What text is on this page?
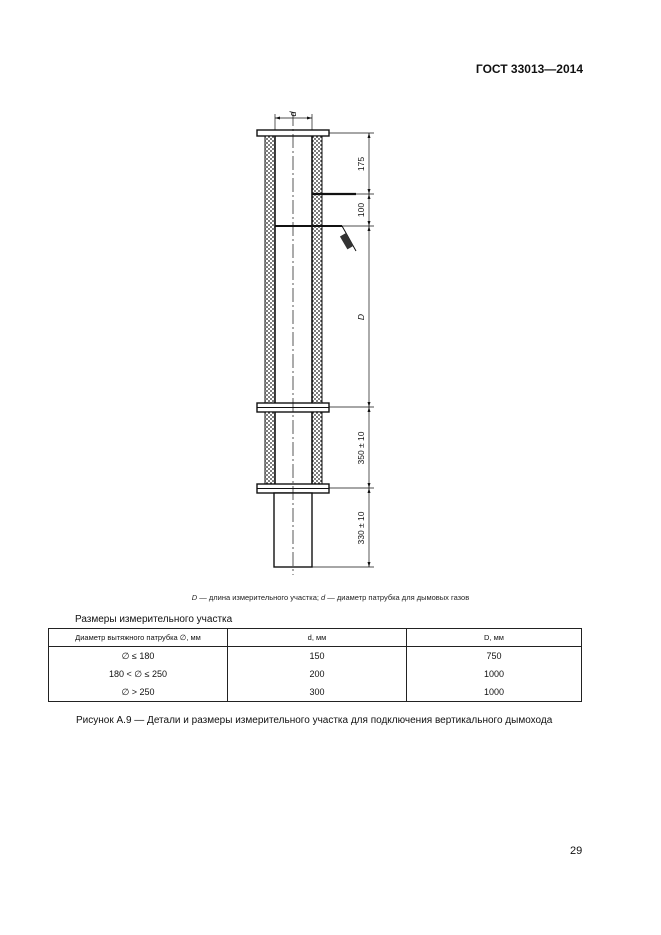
ГОСТ 33013—2014
d
175
100
D
350 ± 10
330 ± 10
D — длина измерительного участка; d — диаметр патрубка для дымовых газов
Размеры измерительного участка
Диаметр вытяжного патрубка ∅, мм	d, мм	D, мм
∅ ≤ 180	150	750
180 < ∅ ≤ 250	200	1000
∅ > 250	300	1000
Рисунок А.9 — Детали и размеры измерительного участка для подключения вертикального дымохода
29
